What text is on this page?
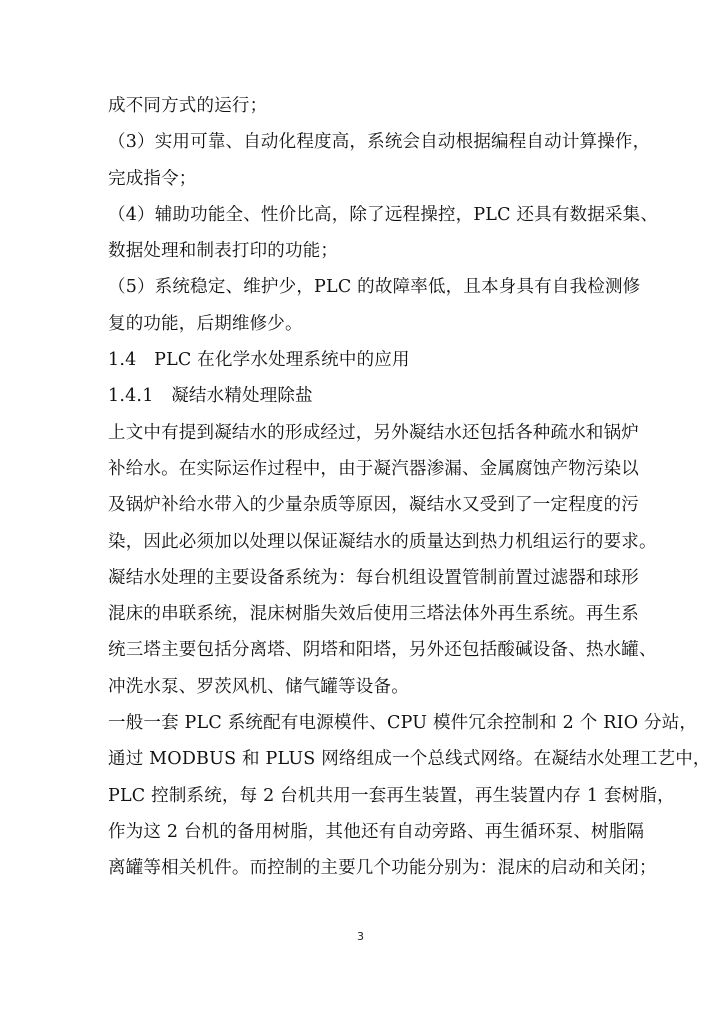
成不同方式的运行；
（3）实用可靠、自动化程度高，系统会自动根据编程自动计算操作，
完成指令；
（4）辅助功能全、性价比高，除了远程操控，PLC 还具有数据采集、
数据处理和制表打印的功能；
（5）系统稳定、维护少，PLC 的故障率低，且本身具有自我检测修
复的功能，后期维修少。
1.4　PLC 在化学水处理系统中的应用
1.4.1　凝结水精处理除盐
上文中有提到凝结水的形成经过，另外凝结水还包括各种疏水和锅炉
补给水。在实际运作过程中，由于凝汽器渗漏、金属腐蚀产物污染以
及锅炉补给水带入的少量杂质等原因，凝结水又受到了一定程度的污
染，因此必须加以处理以保证凝结水的质量达到热力机组运行的要求。
凝结水处理的主要设备系统为：每台机组设置管制前置过滤器和球形
混床的串联系统，混床树脂失效后使用三塔法体外再生系统。再生系
统三塔主要包括分离塔、阴塔和阳塔，另外还包括酸碱设备、热水罐、
冲洗水泵、罗茨风机、储气罐等设备。
一般一套 PLC 系统配有电源模件、CPU 模件冗余控制和 2 个 RIO 分站，
通过 MODBUS 和 PLUS 网络组成一个总线式网络。在凝结水处理工艺中，
PLC 控制系统，每 2 台机共用一套再生装置，再生装置内存 1 套树脂，
作为这 2 台机的备用树脂，其他还有自动旁路、再生循环泵、树脂隔
离罐等相关机件。而控制的主要几个功能分别为：混床的启动和关闭；
3
